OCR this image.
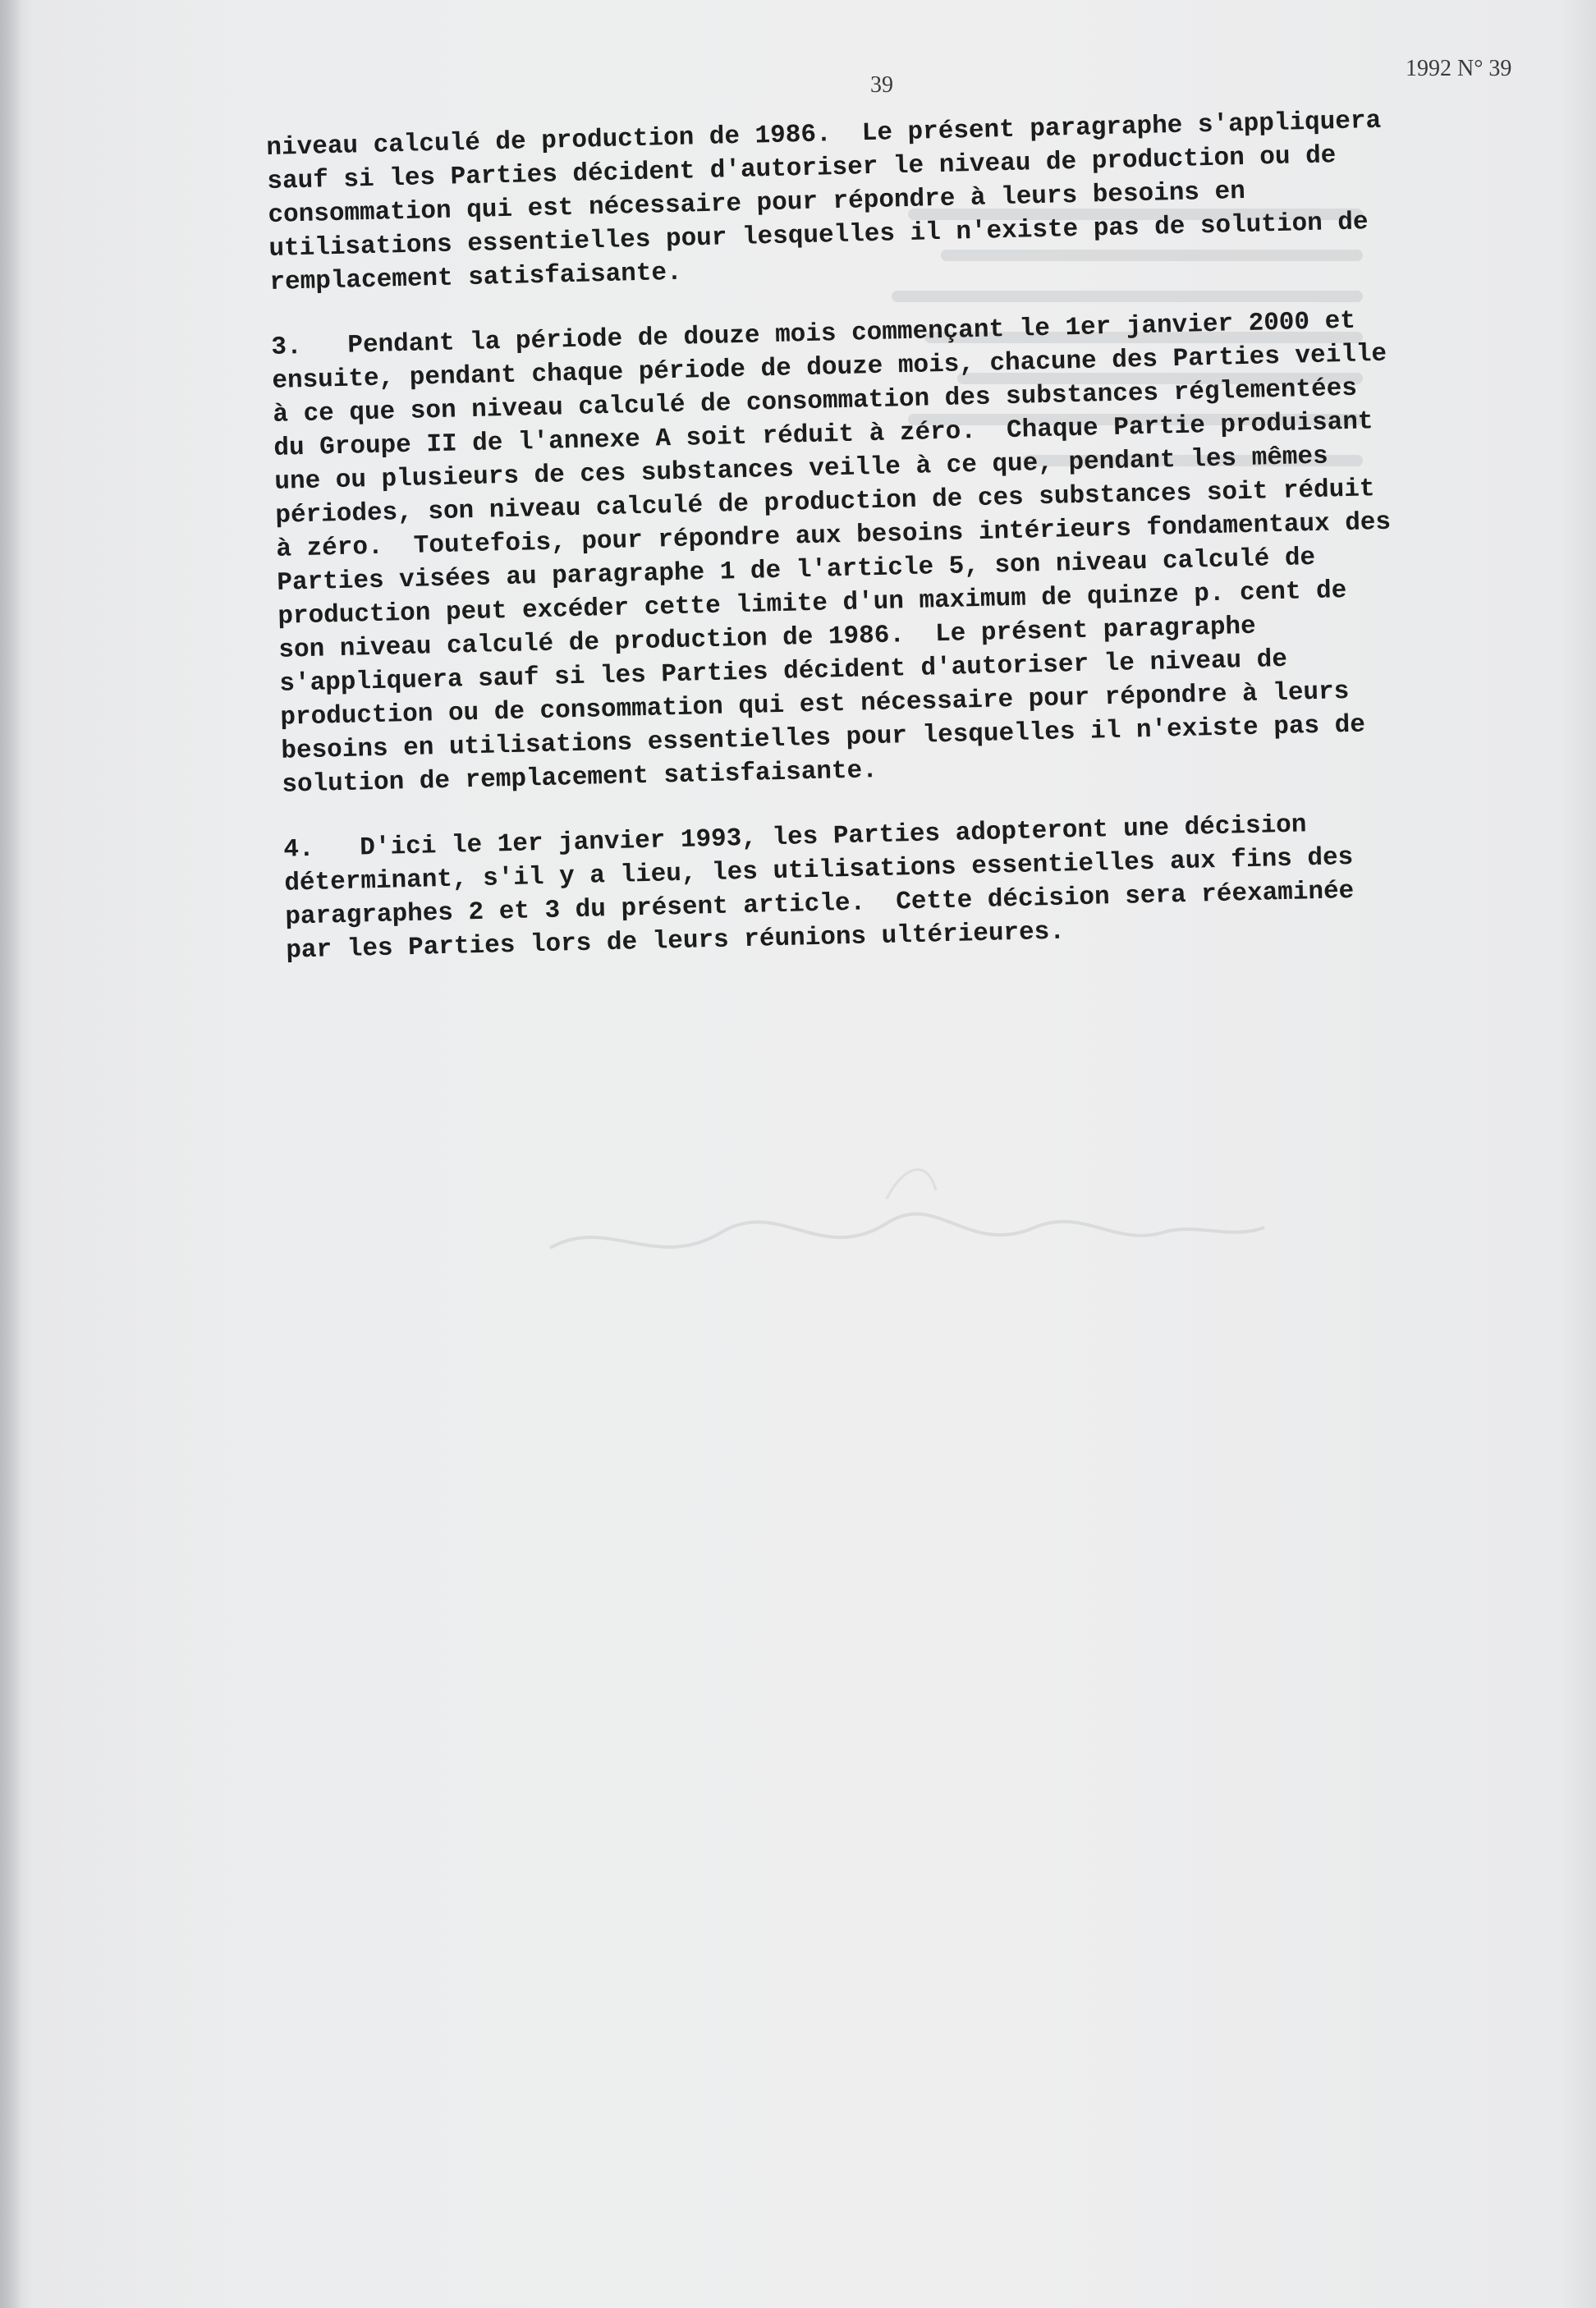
39
1992 N° 39

niveau calculé de production de 1986.  Le présent paragraphe s'appliquera
sauf si les Parties décident d'autoriser le niveau de production ou de
consommation qui est nécessaire pour répondre à leurs besoins en
utilisations essentielles pour lesquelles il n'existe pas de solution de
remplacement satisfaisante.

3.   Pendant la période de douze mois commençant le 1er janvier 2000 et
ensuite, pendant chaque période de douze mois, chacune des Parties veille
à ce que son niveau calculé de consommation des substances réglementées
du Groupe II de l'annexe A soit réduit à zéro.  Chaque Partie produisant
une ou plusieurs de ces substances veille à ce que, pendant les mêmes
périodes, son niveau calculé de production de ces substances soit réduit
à zéro.  Toutefois, pour répondre aux besoins intérieurs fondamentaux des
Parties visées au paragraphe 1 de l'article 5, son niveau calculé de
production peut excéder cette limite d'un maximum de quinze p. cent de
son niveau calculé de production de 1986.  Le présent paragraphe
s'appliquera sauf si les Parties décident d'autoriser le niveau de
production ou de consommation qui est nécessaire pour répondre à leurs
besoins en utilisations essentielles pour lesquelles il n'existe pas de
solution de remplacement satisfaisante.

4.   D'ici le 1er janvier 1993, les Parties adopteront une décision
déterminant, s'il y a lieu, les utilisations essentielles aux fins des
paragraphes 2 et 3 du présent article.  Cette décision sera réexaminée
par les Parties lors de leurs réunions ultérieures.
